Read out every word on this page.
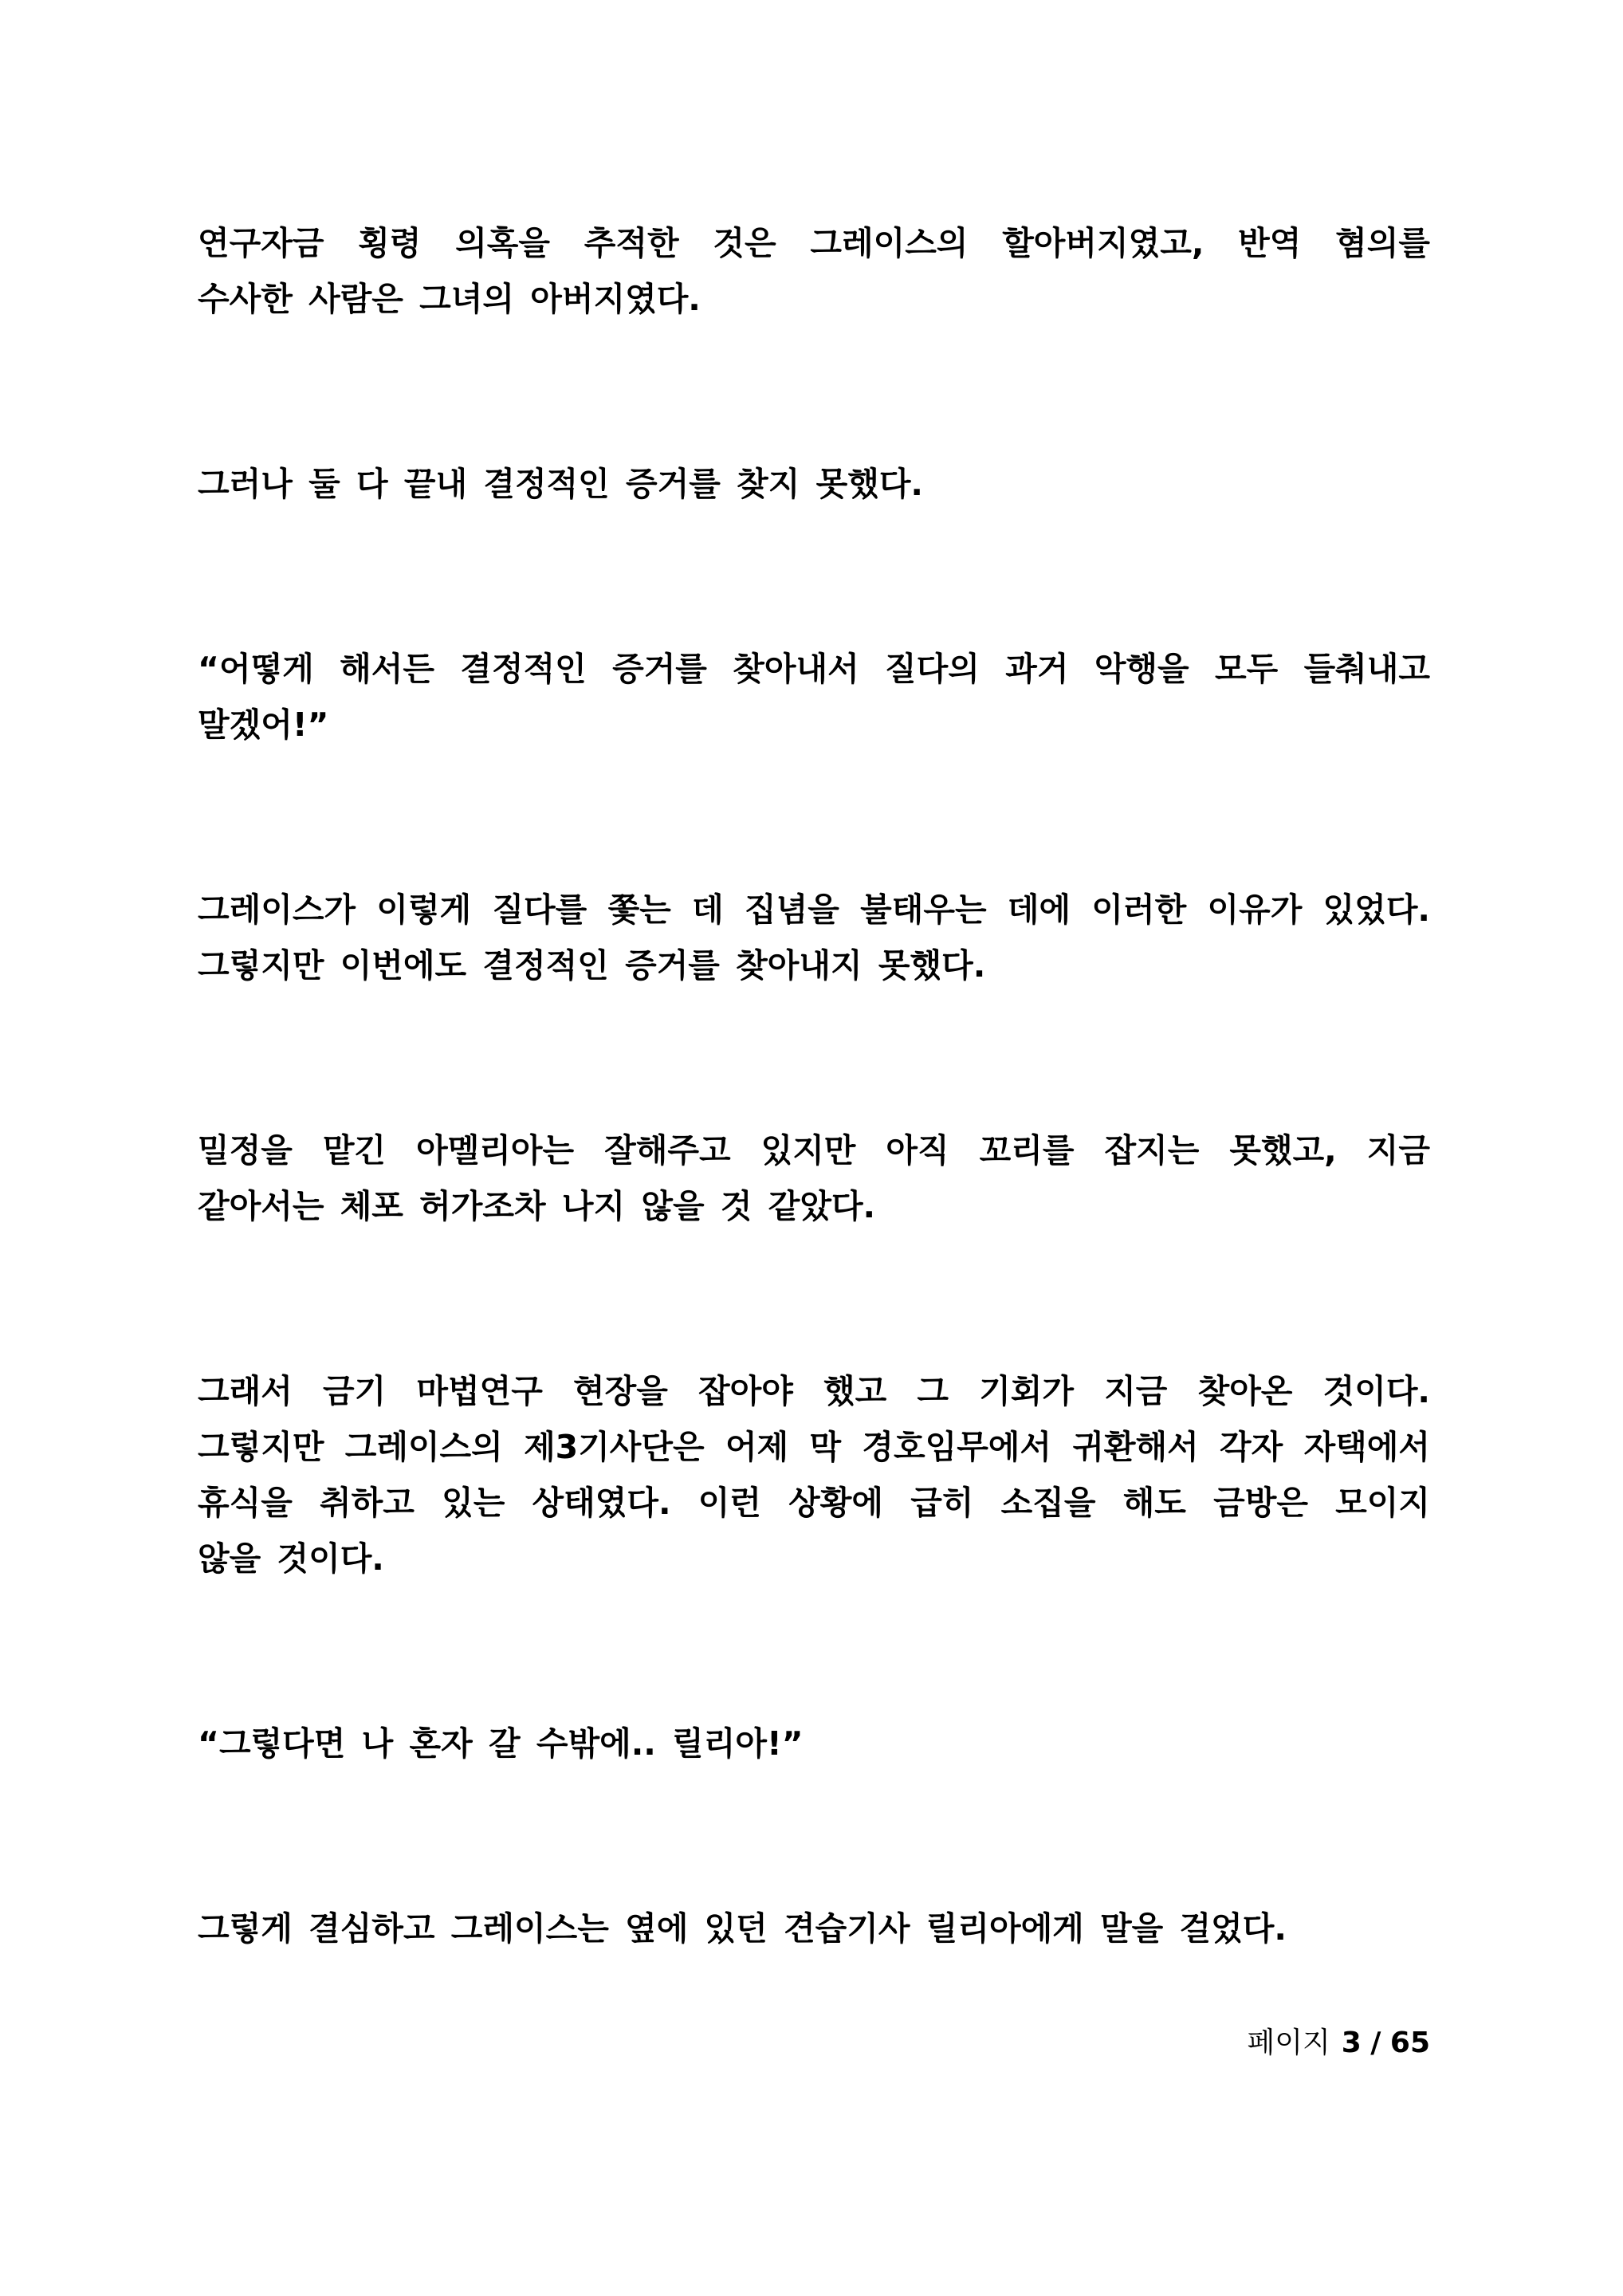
연구자금 횡령 의혹을 추적한 것은 그레이스의 할아버지였고, 반역 혐의를
수사한 사람은 그녀의 아버지였다.

그러나 둘 다 끝내 결정적인 증거를 찾지 못했다.

“어떻게 해서든 결정적인 증거를 찾아내서 질다의 과거 악행을 모두 들춰내고
말겠어!”

그레이스가 이렇게 질다를 쫓는 데 집념을 불태우는 데에 이러한 이유가 있었다.
그렇지만 이번에도 결정적인 증거를 찾아내지 못했다.

밀정을 맡긴 아멜리아는 잘해주고 있지만 아직 꼬리를 잡지는 못했고, 지금
같아서는 체포 허가조차 나지 않을 것 같았다.

그래서 금기 마법연구 현장을 잡아야 했고 그 기회가 지금 찾아온 것이다.
그렇지만 그레이스의 제3기사단은 어제 막 경호임무에서 귀환해서 각자 자택에서
휴식을 취하고 있는 상태였다. 이런 상황에 급히 소집을 해도 금방은 모이지
않을 것이다.

“그렇다면 나 혼자 갈 수밖에.. 릴리아!”

그렇게 결심하고 그레이스는 옆에 있던 견습기사 릴리아에게 말을 걸었다.

페이지 3 / 65
